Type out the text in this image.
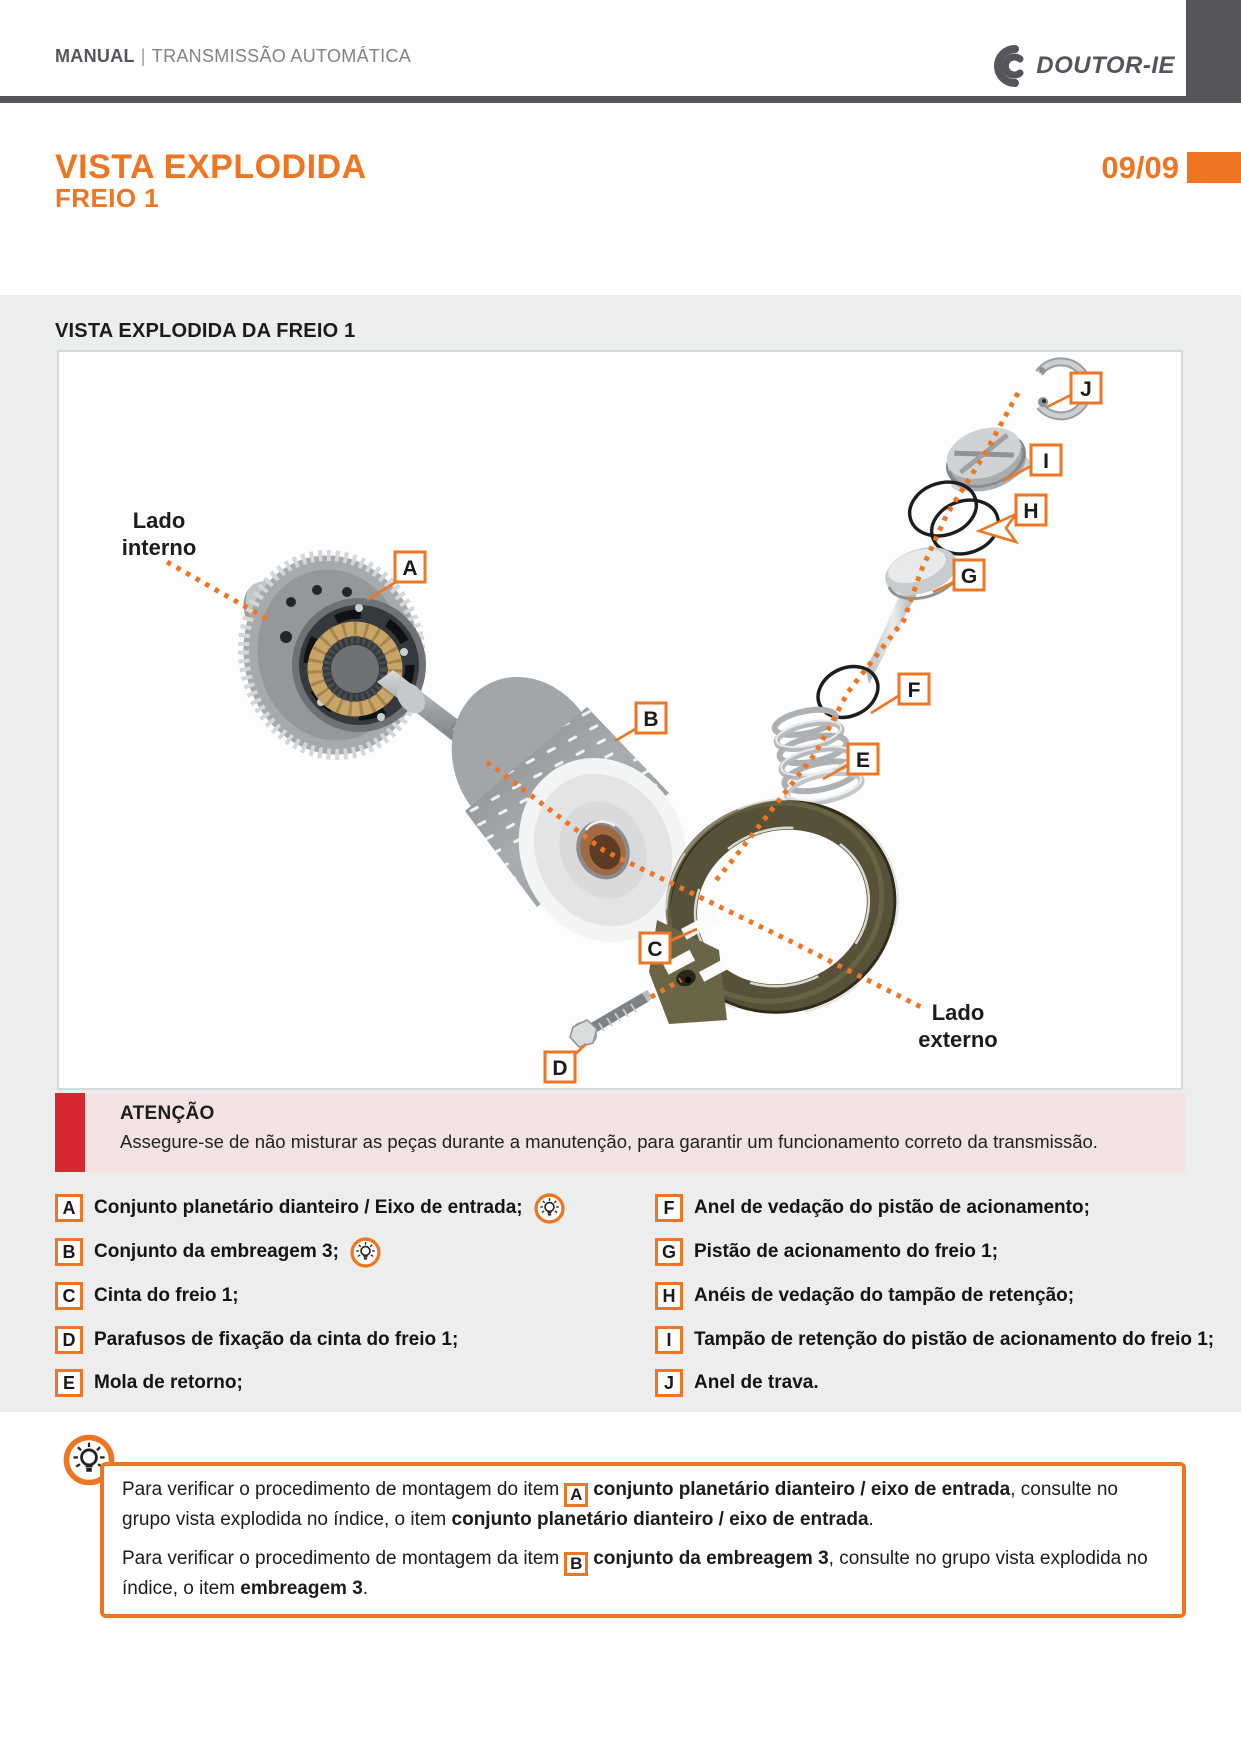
MANUAL | TRANSMISSÃO AUTOMÁTICA	DOUTOR-IE
VISTA EXPLODIDA
FREIO 1
09/09
VISTA EXPLODIDA DA FREIO 1
A
B
C
D
E
F
G
H
I
J
Lado
interno
Lado
externo
ATENÇÃO
Assegure-se de não misturar as peças durante a manutenção, para garantir um funcionamento correto da transmissão.
A Conjunto planetário dianteiro / Eixo de entrada;
B Conjunto da embreagem 3;
C Cinta do freio 1;
D Parafusos de fixação da cinta do freio 1;
E	Mola de retorno;
F	Anel de vedação do pistão de acionamento;
G Pistão de acionamento do freio 1;
H Anéis de vedação do tampão de retenção;
I	Tampão de retenção do pistão de acionamento do freio 1;
J	Anel de trava.

Para verificar o procedimento de montagem do item A conjunto planetário dianteiro / eixo de entrada, consulte no grupo vista explodida no índice, o item conjunto planetário dianteiro / eixo de entrada.

Para verificar o procedimento de montagem da item B conjunto da embreagem 3, consulte no grupo vista explodida no índice, o item embreagem 3.
